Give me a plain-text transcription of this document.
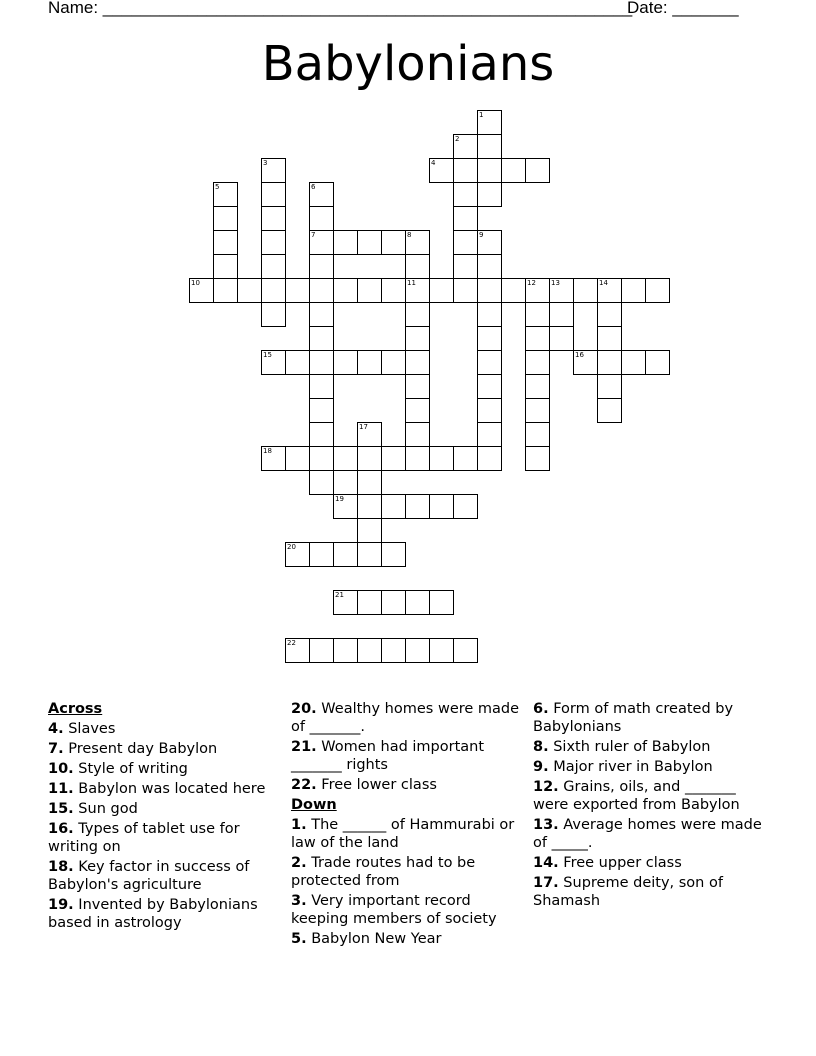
Name: ________________________________________________________
Date: _______
Babylonians
1
2
3	4
5	6
7	8
11
9
10	12 13	14
15	16
17
18
19
20
21
22
Across
4. Slaves
7. Present day Babylon
10. Style of writing
11. Babylon was located here
15. Sun god
16. Types of tablet use for writing on
18. Key factor in success of Babylon's agriculture
19. Invented by Babylonians based in astrology
20. Wealthy homes were made of _______.
21. Women had important _______ rights
22. Free lower class
Down
1. The ______ of Hammurabi or law of the land
2. Trade routes had to be protected from
3. Very important record keeping members of society
5. Babylon New Year
6. Form of math created by Babylonians
8. Sixth ruler of Babylon
9. Major river in Babylon
12. Grains, oils, and _______ were exported from Babylon
13. Average homes were made of _____.
14. Free upper class
17. Supreme deity, son of Shamash
